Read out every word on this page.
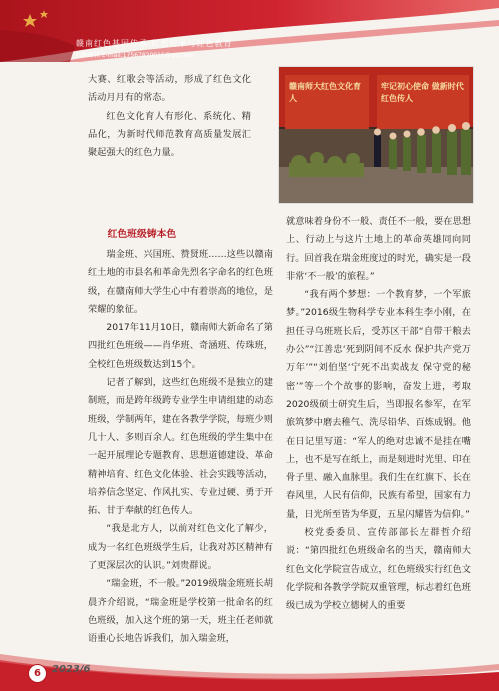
赣南红色基因传承·红色传承与红色教育
投稿邮箱 E-mail:17567820016@qq.com

大赛、红歌会等活动，形成了红色文化活动月月有的常态。

红色文化育人有形化、系统化、精品化，为新时代师范教育高质量发展汇聚起强大的红色力量。

赣南师大红色文化育人
牢记初心使命 做新时代红色传人
红色班级铸本色

瑞金班、兴国班、赞贤班……这些以赣南红土地的市县名和革命先烈名字命名的红色班级，在赣南师大学生心中有着崇高的地位，是荣耀的象征。

2017年11月10日，赣南师大新命名了第四批红色班级——肖华班、奇涵班、传珠班，全校红色班级数达到15个。

记者了解到，这些红色班级不是独立的建制班，而是跨年级跨专业学生申请组建的动态班级，学制两年，建在各教学学院，每班少则几十人、多则百余人。红色班级的学生集中在一起开展理论专题教育、思想道德建设、革命精神培育、红色文化体验、社会实践等活动，培养信念坚定、作风扎实、专业过硬、勇于开拓、甘于奉献的红色传人。

“我是北方人，以前对红色文化了解少，成为一名红色班级学生后，让我对苏区精神有了更深层次的认识。”刘贵群说。

“瑞金班，不一般。”2019级瑞金班班长胡晨齐介绍说，“瑞金班是学校第一批命名的红色班级，加入这个班的第一天，班主任老师就语重心长地告诉我们，加入瑞金班，

就意味着身份不一般、责任不一般，要在思想上、行动上与这片土地上的革命英雄同向同行。回首我在瑞金班度过的时光，确实是一段非常‘不一般’的旅程。”

“我有两个梦想：一个教育梦，一个军旅梦。”2016级生物科学专业本科生李小刚，在担任寻乌班班长后，受苏区干部“自带干粮去办公”“江善忠‘死到阴间不反水 保护共产党万万年’”“刘伯坚‘宁死不出卖战友 保守党的秘密’”等一个个故事的影响，奋发上进，考取2020级硕士研究生后，当即报名参军，在军旅筑梦中磨去稚气、洗尽铅华、百炼成钢。他在日记里写道：“军人的绝对忠诚不是挂在嘴上，也不是写在纸上，而是刻进时光里、印在骨子里、融入血脉里。我们生在红旗下、长在春风里，人民有信仰，民族有希望，国家有力量，日光所至皆为华夏，五星闪耀皆为信仰。”

校党委委员、宣传部部长左群哲介绍说：“第四批红色班级命名的当天，赣南师大红色文化学院宣告成立，红色班级实行红色文化学院和各教学学院双重管理，标志着红色班级已成为学校立德树人的重要

6	2023/6
